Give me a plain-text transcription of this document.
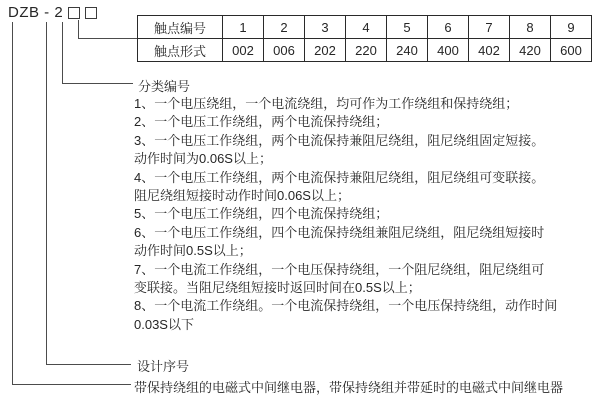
DZB - 2
触点编号	1	2	3	4	5	6	7	8	9
触点形式	002	006	202	220	240	400	402	420	600
分类编号
1、一个电压绕组，一个电流绕组，均可作为工作绕组和保持绕组；
2、一个电压工作绕组，两个电流保持绕组；
3、一个电压工作绕组，两个电流保持兼阻尼绕组，阻尼绕组固定短接。
动作时间为0.06S以上；
4、一个电压工作绕组，两个电流保持兼阻尼绕组，阻尼绕组可变联接。
阻尼绕组短接时动作时间0.06S以上；
5、一个电压工作绕组，四个电流保持绕组；
6、一个电压工作绕组，四个电流保持绕组兼阻尼绕组，阻尼绕组短接时
动作时间0.5S以上；
7、一个电流工作绕组，一个电压保持绕组，一个阻尼绕组，阻尼绕组可
变联接。当阻尼绕组短接时返回时间在0.5S以上；
8、一个电流工作绕组。一个电流保持绕组，一个电压保持绕组，动作时间
0.03S以下
设计序号
带保持绕组的电磁式中间继电器，带保持绕组并带延时的电磁式中间继电器
